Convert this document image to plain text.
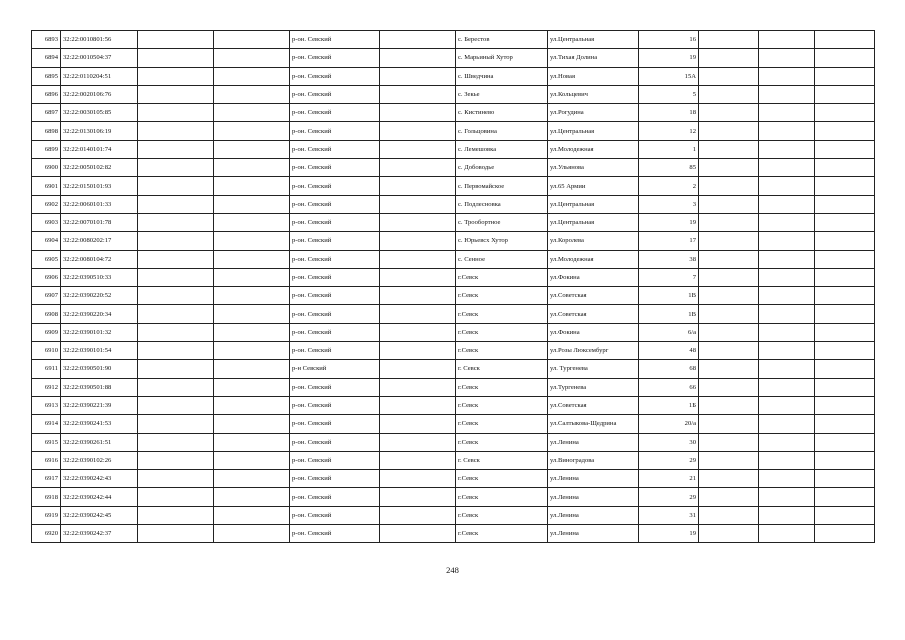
6893	32:22:0010801:56			р-он. Севский		с. Берестов	ул.Центральная	16			
6894	32:22:0010504:37			р-он. Севский		с. Марьиный Хутор	ул.Тихая Долина	19			
6895	32:22:0110204:51			р-он. Севский		с. Шведчина	ул.Новая	15А			
6896	32:22:0020106:76			р-он. Севский		с. Зекье	ул.Кольцевич	5			
6897	32:22:0030105:85			р-он. Севский		с. Кистинево	ул.Рогудина	18			
6898	32:22:0130106:19			р-он. Севский		с. Гольцовина	ул.Центральная	12			
6899	32:22:0140101:74			р-он. Севский		с. Лемешовка	ул.Молодежная	1			
6900	32:22:0050102:82			р-он. Севский		с. Добоводье	ул.Ульянова	85			
6901	32:22:0150101:93			р-он. Севский		с. Первомайское	ул.65 Армии	2			
6902	32:22:0060101:33			р-он. Севский		с. Подлесновка	ул.Центральная	3			
6903	32:22:0070101:78			р-он. Севский		с. Трообортное	ул.Центральная	19			
6904	32:22:0080202:17			р-он. Севский		с. Юрьевсх Хутор	ул.Королева	17			
6905	32:22:0080104:72			р-он. Севский		с. Сенное	ул.Молодежная	38			
6906	32:22:0390510:33			р-он. Севский		г.Севск	ул.Фокина	7			
6907	32:22:0390220:52			р-он. Севский		г.Севск	ул.Советская	1В			
6908	32:22:0390220:34			р-он. Севский		г.Севск	ул.Советская	1В			
6909	32:22:0390101:32			р-он. Севский		г.Севск	ул.Фокина	6/а			
6910	32:22:0390101:54			р-он. Севский		г.Севск	ул.Розы Люксембург	48			
6911	32:22:0390501:90			р-н Севский		г. Севск	ул. Тургенева	68			
6912	32:22:0390501:88			р-он. Севский		г.Севск	ул.Тургенева	66			
6913	32:22:0390221:39			р-он. Севский		г.Севск	ул.Советская	1Б			
6914	32:22:0390241:53			р-он. Севский		г.Севск	ул.Салтыкова-Щедрина	20/а			
6915	32:22:0390261:51			р-он. Севский		г.Севск	ул.Ленина	30			
6916	32:22:0390102:26			р-он. Севский		г. Севск	ул.Виноградова	29			
6917	32:22:0390242:43			р-он. Севский		г.Севск	ул.Ленина	21			
6918	32:22:0390242:44			р-он. Севский		г.Севск	ул.Ленина	29			
6919	32:22:0390242:45			р-он. Севский		г.Севск	ул.Ленина	31			
6920	32:22:0390242:37			р-он. Севский		г.Севск	ул.Ленина	19			
248
